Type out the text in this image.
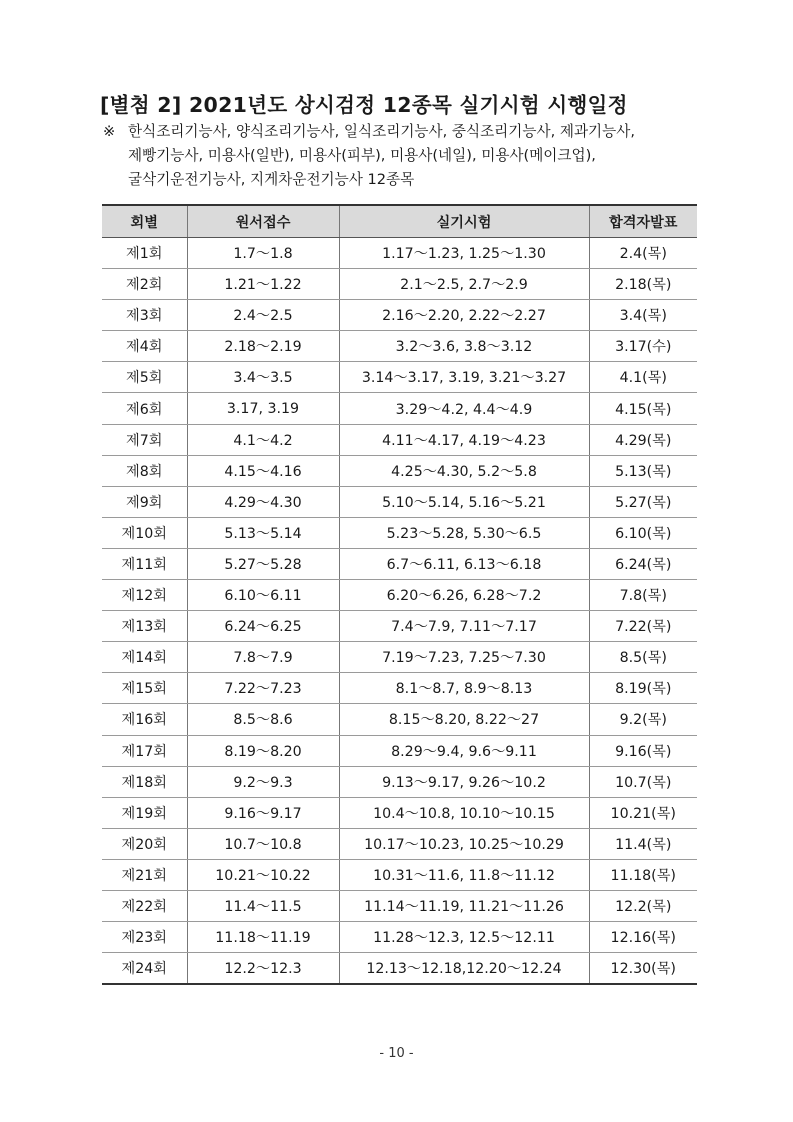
[별첨 2] 2021년도 상시검정 12종목 실기시험 시행일정
※ 한식조리기능사, 양식조리기능사, 일식조리기능사, 중식조리기능사, 제과기능사,
제빵기능사, 미용사(일반), 미용사(피부), 미용사(네일), 미용사(메이크업),
굴삭기운전기능사, 지게차운전기능사 12종목
회별	원서접수	실기시험	합격자발표
제1회	1.7～1.8	1.17～1.23, 1.25～1.30	2.4(목)
제2회	1.21～1.22	2.1～2.5, 2.7～2.9	2.18(목)
제3회	2.4～2.5	2.16～2.20, 2.22～2.27	3.4(목)
제4회	2.18～2.19	3.2～3.6, 3.8～3.12	3.17(수)
제5회	3.4～3.5	3.14～3.17, 3.19, 3.21～3.27	4.1(목)
제6회	3.17, 3.19	3.29～4.2, 4.4～4.9	4.15(목)
제7회	4.1～4.2	4.11～4.17, 4.19～4.23	4.29(목)
제8회	4.15～4.16	4.25～4.30, 5.2～5.8	5.13(목)
제9회	4.29～4.30	5.10～5.14, 5.16～5.21	5.27(목)
제10회	5.13～5.14	5.23～5.28, 5.30～6.5	6.10(목)
제11회	5.27～5.28	6.7～6.11, 6.13～6.18	6.24(목)
제12회	6.10～6.11	6.20～6.26, 6.28～7.2	7.8(목)
제13회	6.24～6.25	7.4～7.9, 7.11～7.17	7.22(목)
제14회	7.8～7.9	7.19～7.23, 7.25～7.30	8.5(목)
제15회	7.22～7.23	8.1～8.7, 8.9～8.13	8.19(목)
제16회	8.5～8.6	8.15～8.20, 8.22～27	9.2(목)
제17회	8.19～8.20	8.29～9.4, 9.6～9.11	9.16(목)
제18회	9.2～9.3	9.13～9.17, 9.26～10.2	10.7(목)
제19회	9.16～9.17	10.4～10.8, 10.10～10.15	10.21(목)
제20회	10.7～10.8	10.17～10.23, 10.25～10.29	11.4(목)
제21회	10.21～10.22	10.31～11.6, 11.8～11.12	11.18(목)
제22회	11.4～11.5	11.14～11.19, 11.21～11.26	12.2(목)
제23회	11.18～11.19	11.28～12.3, 12.5～12.11	12.16(목)
제24회	12.2～12.3	12.13～12.18,12.20～12.24	12.30(목)
- 10 -
